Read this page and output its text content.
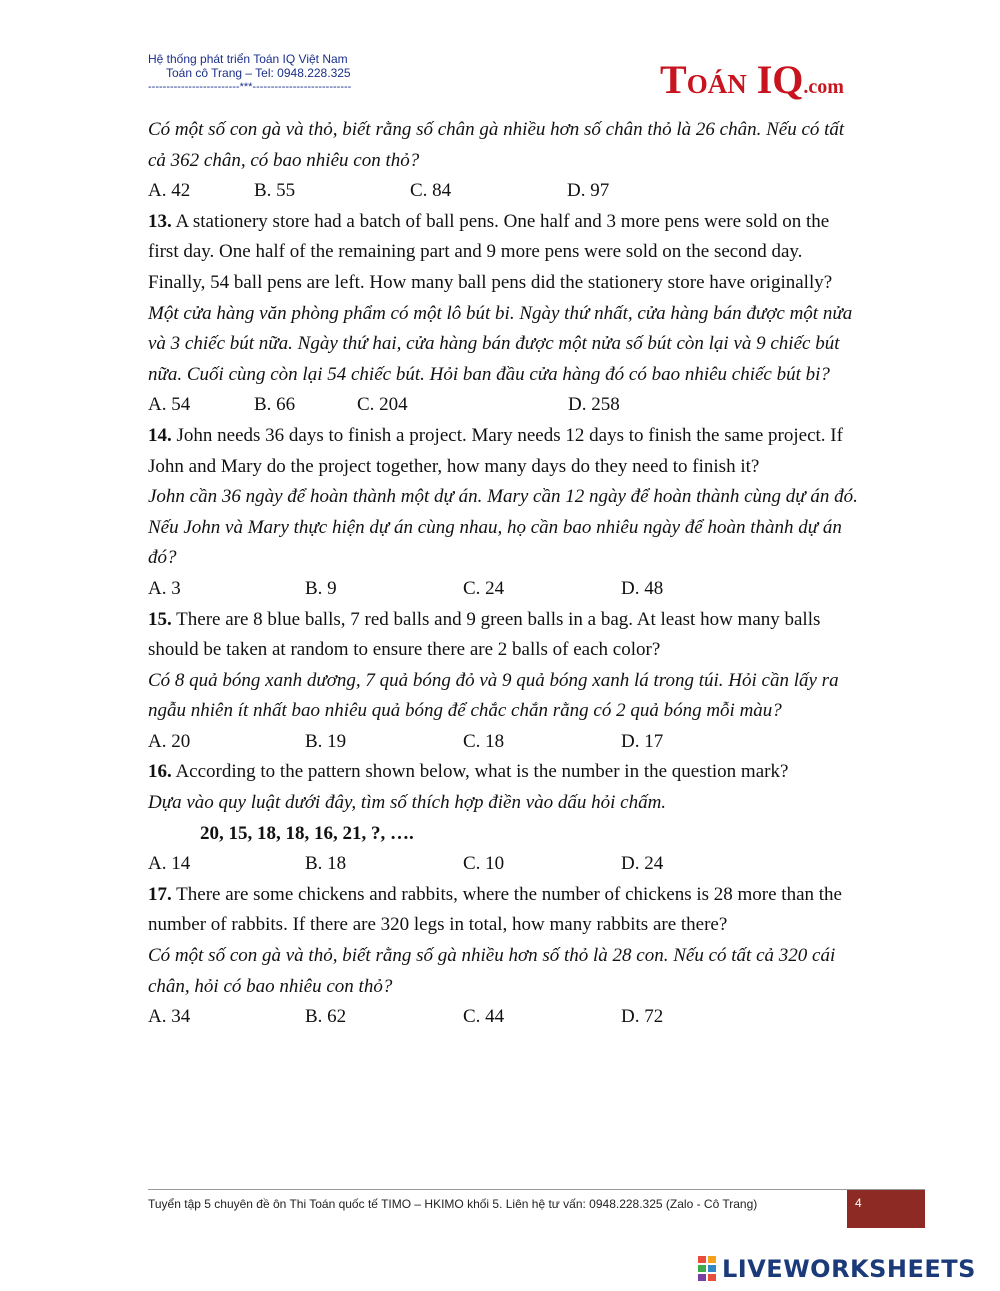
Hệ thống phát triển Toán IQ Việt Nam
Toán cô Trang – Tel: 0948.228.325
-------------------------***---------------------------	TOÁN IQ.com

Có một số con gà và thỏ, biết rằng số chân gà nhiều hơn số chân thỏ là 26 chân. Nếu có tất cả 362 chân, có bao nhiêu con thỏ?

A. 42	B. 55	C. 84	D. 97

13. A stationery store had a batch of ball pens. One half and 3 more pens were sold on the first day. One half of the remaining part and 9 more pens were sold on the second day. Finally, 54 ball pens are left. How many ball pens did the stationery store have originally?

Một cửa hàng văn phòng phẩm có một lô bút bi. Ngày thứ nhất, cửa hàng bán được một nửa và 3 chiếc bút nữa. Ngày thứ hai, cửa hàng bán được một nửa số bút còn lại và 9 chiếc bút nữa. Cuối cùng còn lại 54 chiếc bút. Hỏi ban đầu cửa hàng đó có bao nhiêu chiếc bút bi?

A. 54	B. 66	C. 204	D. 258

14. John needs 36 days to finish a project. Mary needs 12 days to finish the same project. If John and Mary do the project together, how many days do they need to finish it?

John cần 36 ngày để hoàn thành một dự án. Mary cần 12 ngày để hoàn thành cùng dự án đó. Nếu John và Mary thực hiện dự án cùng nhau, họ cần bao nhiêu ngày để hoàn thành dự án đó?

A. 3	B. 9	C. 24	D. 48

15. There are 8 blue balls, 7 red balls and 9 green balls in a bag. At least how many balls should be taken at random to ensure there are 2 balls of each color?

Có 8 quả bóng xanh dương, 7 quả bóng đỏ và 9 quả bóng xanh lá trong túi. Hỏi cần lấy ra ngẫu nhiên ít nhất bao nhiêu quả bóng để chắc chắn rằng có 2 quả bóng mỗi màu?

A. 20	B. 19	C. 18	D. 17

16. According to the pattern shown below, what is the number in the question mark?

Dựa vào quy luật dưới đây, tìm số thích hợp điền vào dấu hỏi chấm.

20, 15, 18, 18, 16, 21, ?, ….

A. 14	B. 18	C. 10	D. 24

17. There are some chickens and rabbits, where the number of chickens is 28 more than the number of rabbits. If there are 320 legs in total, how many rabbits are there?

Có một số con gà và thỏ, biết rằng số gà nhiều hơn số thỏ là 28 con. Nếu có tất cả 320 cái chân, hỏi có bao nhiêu con thỏ?

A. 34	B. 62	C. 44	D. 72
Tuyển tập 5 chuyên đề ôn Thi Toán quốc tế TIMO – HKIMO khối 5. Liên hệ tư vấn: 0948.228.325 (Zalo - Cô Trang)	4
LIVEWORKSHEETS
